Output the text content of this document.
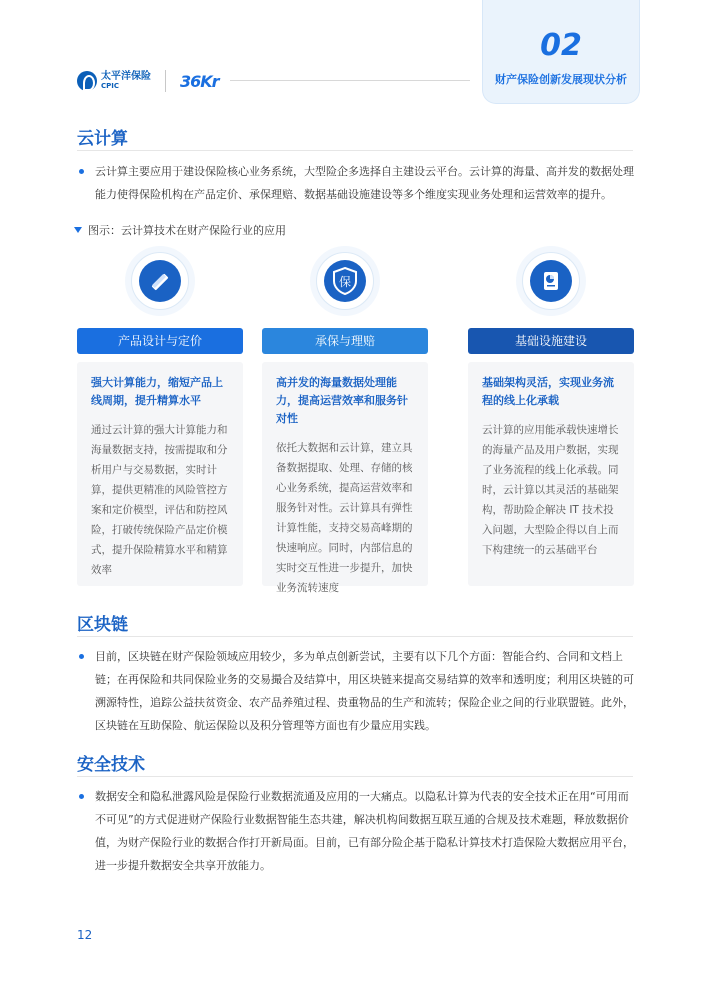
太平洋保险
CPIC	36Kr
02
财产保险创新发展现状分析
云计算
云计算主要应用于建设保险核心业务系统，大型险企多选择自主建设云平台。云计算的海量、高并发的数据处理能力使得保险机构在产品定价、承保理赔、数据基础设施建设等多个维度实现业务处理和运营效率的提升。
图示：云计算技术在财产保险行业的应用
产品设计与定价
强大计算能力，缩短产品上线周期，提升精算水平
通过云计算的强大计算能力和海量数据支持，按需提取和分析用户与交易数据，实时计算，提供更精准的风险管控方案和定价模型，评估和防控风险，打破传统保险产品定价模式，提升保险精算水平和精算效率
保
承保与理赔
高并发的海量数据处理能力，提高运营效率和服务针对性
依托大数据和云计算，建立具备数据提取、处理、存储的核心业务系统，提高运营效率和服务针对性。云计算具有弹性计算性能，支持交易高峰期的快速响应。同时，内部信息的实时交互性进一步提升，加快业务流转速度
基础设施建设
基础架构灵活，实现业务流程的线上化承载
云计算的应用能承载快速增长的海量产品及用户数据，实现了业务流程的线上化承载。同时，云计算以其灵活的基础架构，帮助险企解决 IT 技术投入问题，大型险企得以自上而下构建统一的云基础平台
区块链
目前，区块链在财产保险领域应用较少，多为单点创新尝试，主要有以下几个方面：智能合约、合同和文档上链；在再保险和共同保险业务的交易撮合及结算中，用区块链来提高交易结算的效率和透明度；利用区块链的可溯源特性，追踪公益扶贫资金、农产品养殖过程、贵重物品的生产和流转；保险企业之间的行业联盟链。此外，区块链在互助保险、航运保险以及积分管理等方面也有少量应用实践。
安全技术
数据安全和隐私泄露风险是保险行业数据流通及应用的一大痛点。以隐私计算为代表的安全技术正在用“可用而不可见”的方式促进财产保险行业数据智能生态共建，解决机构间数据互联互通的合规及技术难题，释放数据价值，为财产保险行业的数据合作打开新局面。目前，已有部分险企基于隐私计算技术打造保险大数据应用平台，进一步提升数据安全共享开放能力。
12
